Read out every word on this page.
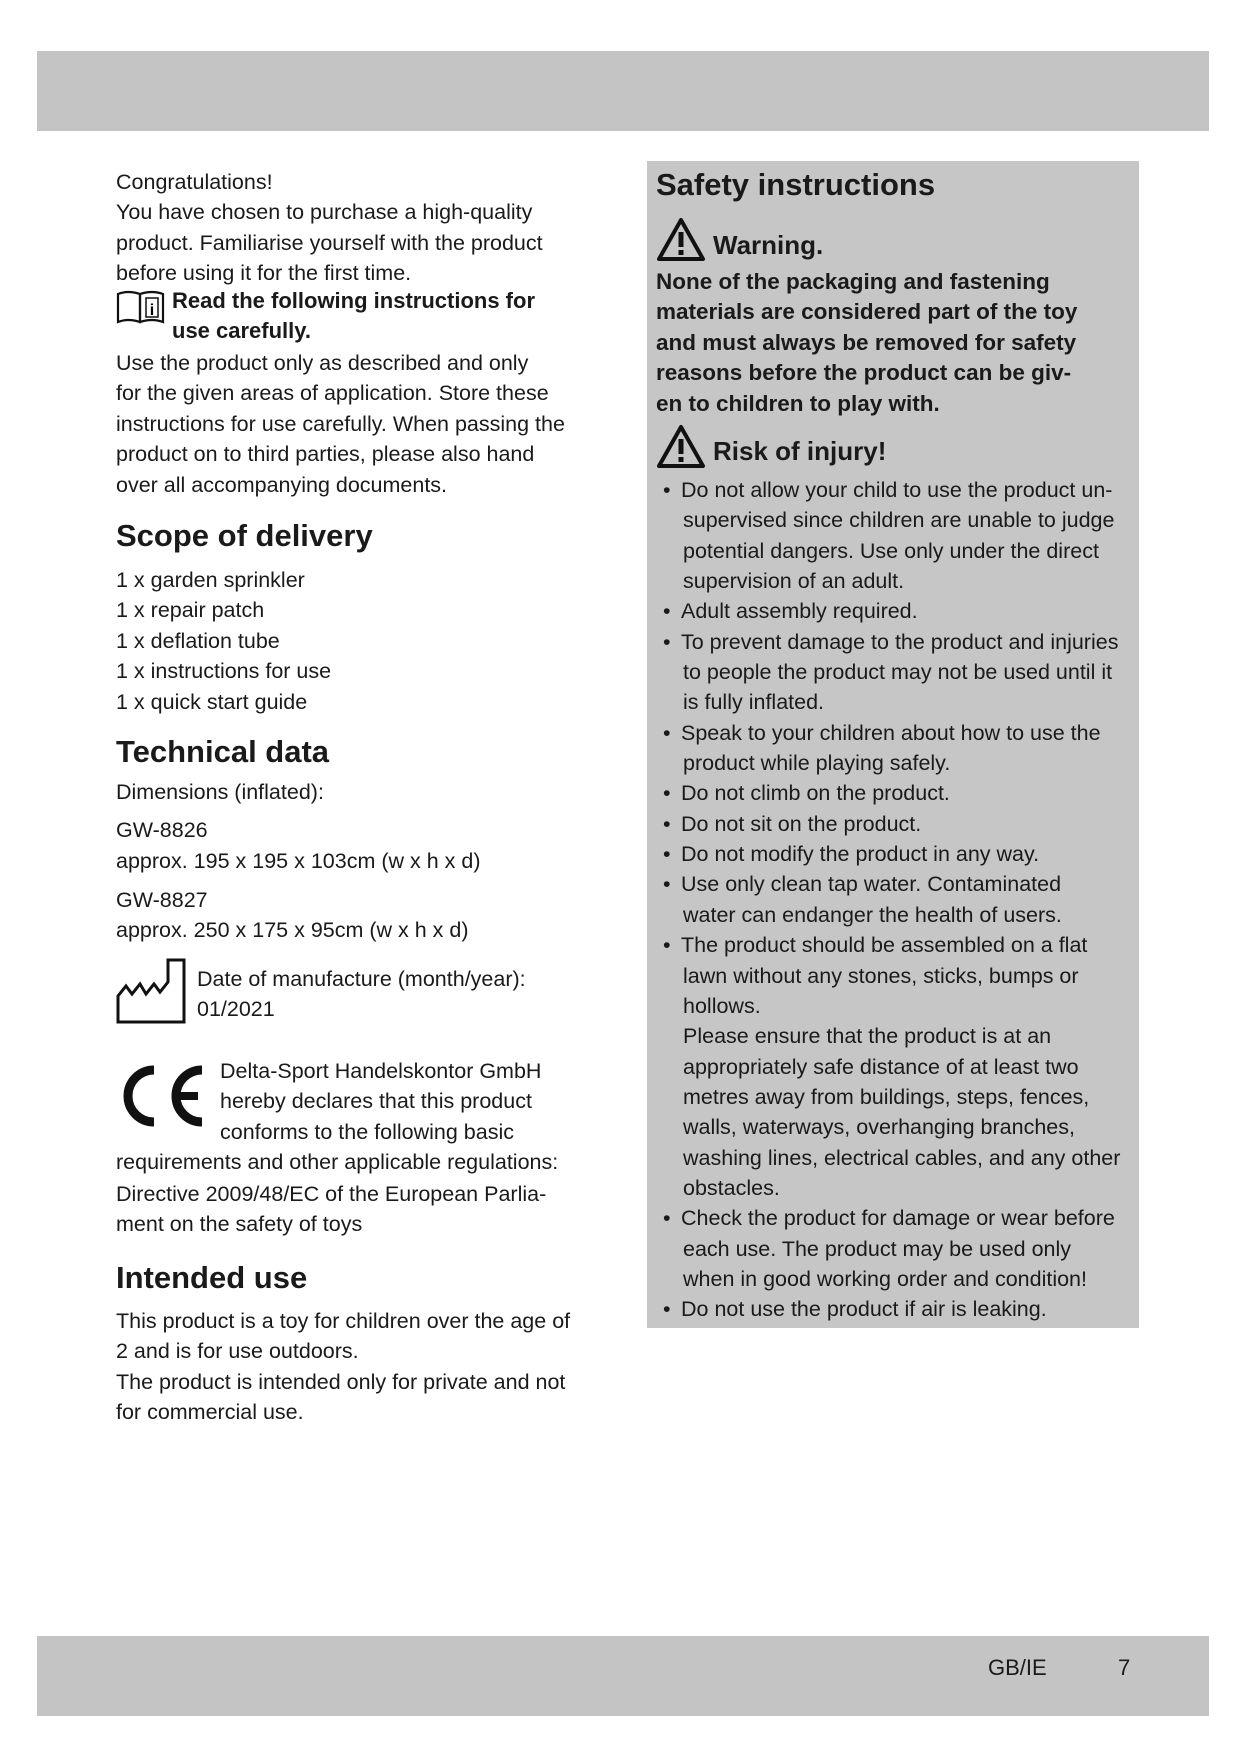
Congratulations!
You have chosen to purchase a high-quality
product. Familiarise yourself with the product
before using it for the first time.
i Read the following instructions for
use carefully.
Use the product only as described and only
for the given areas of application. Store these
instructions for use carefully. When passing the
product on to third parties, please also hand
over all accompanying documents.
Scope of delivery
1 x garden sprinkler
1 x repair patch
1 x deflation tube
1 x instructions for use
1 x quick start guide
Technical data
Dimensions (inflated):
GW-8826
approx. 195 x 195 x 103cm (w x h x d)
GW-8827
approx. 250 x 175 x 95cm (w x h x d)
Date of manufacture (month/year):
01/2021
Delta-Sport Handelskontor GmbH
hereby declares that this product
conforms to the following basic
requirements and other applicable regulations:
Directive 2009/48/EC of the European Parlia-
ment on the safety of toys
Intended use
This product is a toy for children over the age of
2 and is for use outdoors.
The product is intended only for private and not
for commercial use.
Safety instructions
Warning.
None of the packaging and fastening
materials are considered part of the toy
and must always be removed for safety
reasons before the product can be giv-
en to children to play with.
Risk of injury!
• Do not allow your child to use the product un-
supervised since children are unable to judge
potential dangers. Use only under the direct
supervision of an adult.
• Adult assembly required.
• To prevent damage to the product and injuries
to people the product may not be used until it
is fully inflated.
• Speak to your children about how to use the
product while playing safely.
• Do not climb on the product.
• Do not sit on the product.
• Do not modify the product in any way.
• Use only clean tap water. Contaminated
water can endanger the health of users.
• The product should be assembled on a flat
lawn without any stones, sticks, bumps or
hollows.
Please ensure that the product is at an
appropriately safe distance of at least two
metres away from buildings, steps, fences,
walls, waterways, overhanging branches,
washing lines, electrical cables, and any other
obstacles.
• Check the product for damage or wear before
each use. The product may be used only
when in good working order and condition!
• Do not use the product if air is leaking.
GB/IE	7
